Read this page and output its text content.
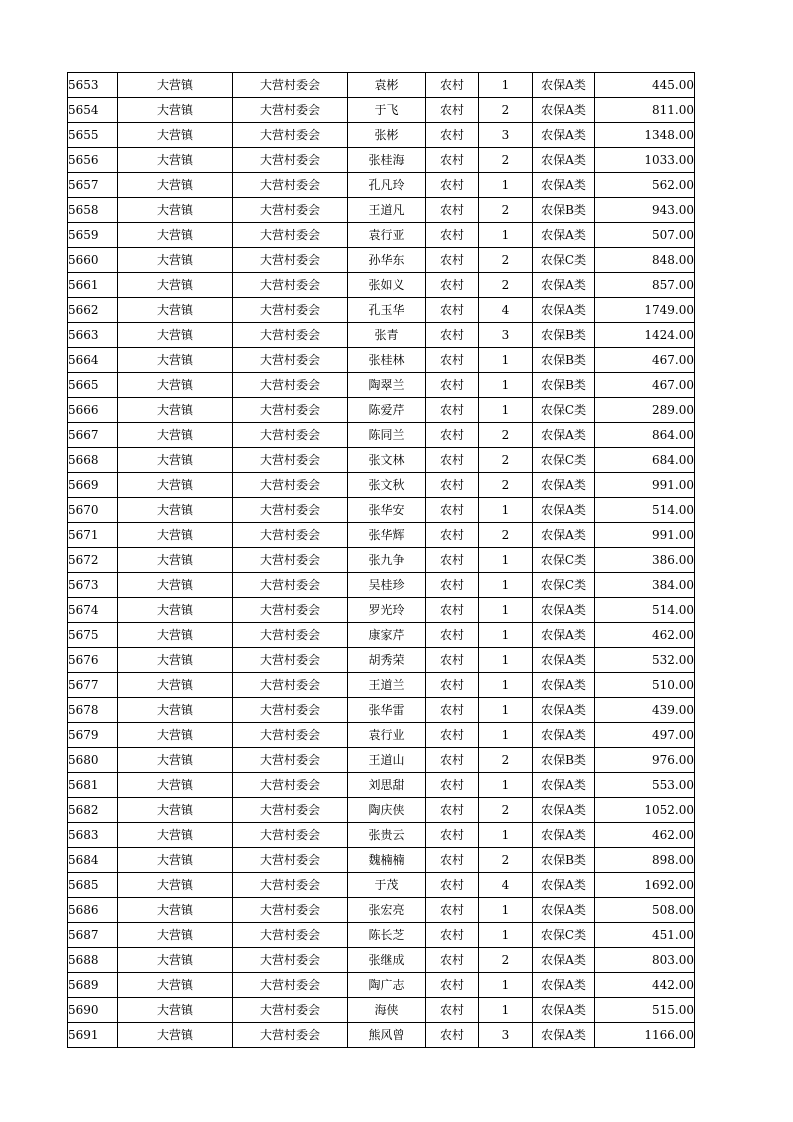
5653	大营镇	大营村委会	袁彬	农村	1	农保A类	445.00
5654	大营镇	大营村委会	于飞	农村	2	农保A类	811.00
5655	大营镇	大营村委会	张彬	农村	3	农保A类	1348.00
5656	大营镇	大营村委会	张桂海	农村	2	农保A类	1033.00
5657	大营镇	大营村委会	孔凡玲	农村	1	农保A类	562.00
5658	大营镇	大营村委会	王道凡	农村	2	农保B类	943.00
5659	大营镇	大营村委会	袁行亚	农村	1	农保A类	507.00
5660	大营镇	大营村委会	孙华东	农村	2	农保C类	848.00
5661	大营镇	大营村委会	张如义	农村	2	农保A类	857.00
5662	大营镇	大营村委会	孔玉华	农村	4	农保A类	1749.00
5663	大营镇	大营村委会	张青	农村	3	农保B类	1424.00
5664	大营镇	大营村委会	张桂林	农村	1	农保B类	467.00
5665	大营镇	大营村委会	陶翠兰	农村	1	农保B类	467.00
5666	大营镇	大营村委会	陈爱芹	农村	1	农保C类	289.00
5667	大营镇	大营村委会	陈同兰	农村	2	农保A类	864.00
5668	大营镇	大营村委会	张文林	农村	2	农保C类	684.00
5669	大营镇	大营村委会	张文秋	农村	2	农保A类	991.00
5670	大营镇	大营村委会	张华安	农村	1	农保A类	514.00
5671	大营镇	大营村委会	张华辉	农村	2	农保A类	991.00
5672	大营镇	大营村委会	张九争	农村	1	农保C类	386.00
5673	大营镇	大营村委会	吴桂珍	农村	1	农保C类	384.00
5674	大营镇	大营村委会	罗光玲	农村	1	农保A类	514.00
5675	大营镇	大营村委会	康家芹	农村	1	农保A类	462.00
5676	大营镇	大营村委会	胡秀荣	农村	1	农保A类	532.00
5677	大营镇	大营村委会	王道兰	农村	1	农保A类	510.00
5678	大营镇	大营村委会	张华雷	农村	1	农保A类	439.00
5679	大营镇	大营村委会	袁行业	农村	1	农保A类	497.00
5680	大营镇	大营村委会	王道山	农村	2	农保B类	976.00
5681	大营镇	大营村委会	刘思甜	农村	1	农保A类	553.00
5682	大营镇	大营村委会	陶庆侠	农村	2	农保A类	1052.00
5683	大营镇	大营村委会	张贵云	农村	1	农保A类	462.00
5684	大营镇	大营村委会	魏楠楠	农村	2	农保B类	898.00
5685	大营镇	大营村委会	于茂	农村	4	农保A类	1692.00
5686	大营镇	大营村委会	张宏亮	农村	1	农保A类	508.00
5687	大营镇	大营村委会	陈长芝	农村	1	农保C类	451.00
5688	大营镇	大营村委会	张继成	农村	2	农保A类	803.00
5689	大营镇	大营村委会	陶广志	农村	1	农保A类	442.00
5690	大营镇	大营村委会	海侠	农村	1	农保A类	515.00
5691	大营镇	大营村委会	熊风曾	农村	3	农保A类	1166.00
